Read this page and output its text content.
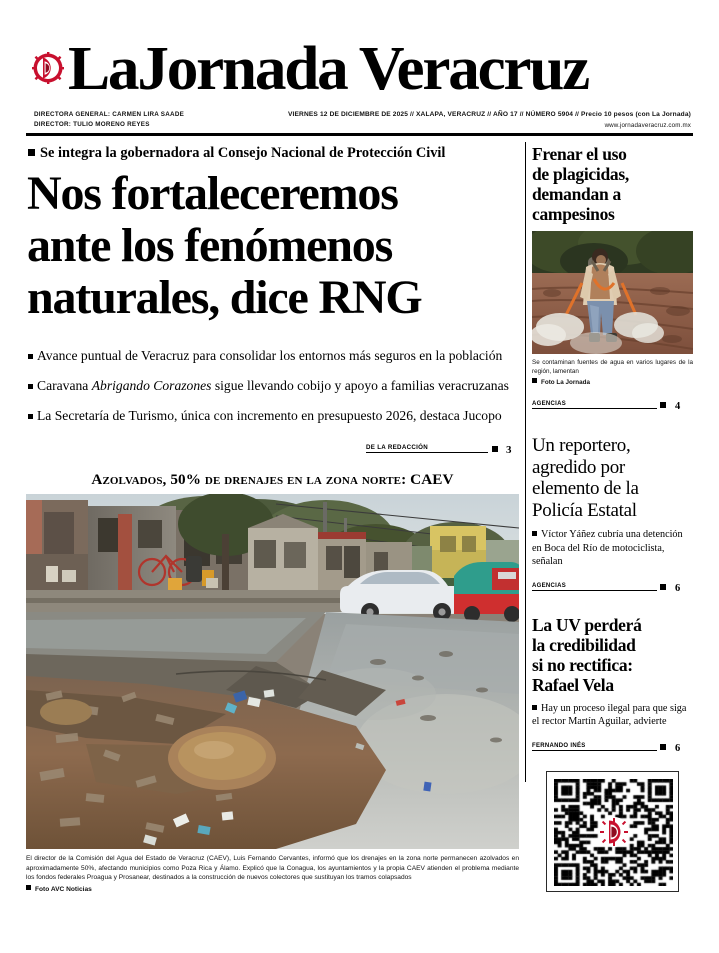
LaJornada Veracruz
DIRECTORA GENERAL: CARMEN LIRA SAADE
DIRECTOR: TULIO MORENO REYES
VIERNES 12 DE DICIEMBRE DE 2025 // XALAPA, VERACRUZ // AÑO 17 // NÚMERO 5904 // Precio 10 pesos (con La Jornada)
www.jornadaveracruz.com.mx
Se integra la gobernadora al Consejo Nacional de Protección Civil
Nos fortaleceremos
ante los fenómenos
naturales, dice RNG
Avance puntual de Veracruz para consolidar los entornos más seguros en la población
Caravana Abrigando Corazones sigue llevando cobijo y apoyo a familias veracruzanas
La Secretaría de Turismo, única con incremento en presupuesto 2026, destaca Jucopo
DE LA REDACCIÓN	3
Azolvados, 50% de drenajes en la zona norte: CAEV
El director de la Comisión del Agua del Estado de Veracruz (CAEV), Luis Fernando Cervantes, informó que los drenajes en la zona norte permanecen azolvados en aproximadamente 50%, afectando municipios como Poza Rica y Álamo. Explicó que la Conagua, los ayuntamientos y la propia CAEV atienden el problema mediante los fondos federales Proagua y Prosanear, destinados a la construcción de nuevos colectores que sustituyan los tramos colapsados
Foto AVC Noticias
Frenar el uso
de plagicidas,
demandan a
campesinos
Se contaminan fuentes de agua en varios lugares de la región, lamentan
Foto La Jornada
AGENCIAS	4
Un reportero,
agredido por
elemento de la
Policía Estatal
Víctor Yáñez cubría una detención en Boca del Río de motociclista, señalan
AGENCIAS	6
La UV perderá
la credibilidad
si no rectifica:
Rafael Vela
Hay un proceso ilegal para que siga el rector Martín Aguilar, advierte
FERNANDO INÉS	6
